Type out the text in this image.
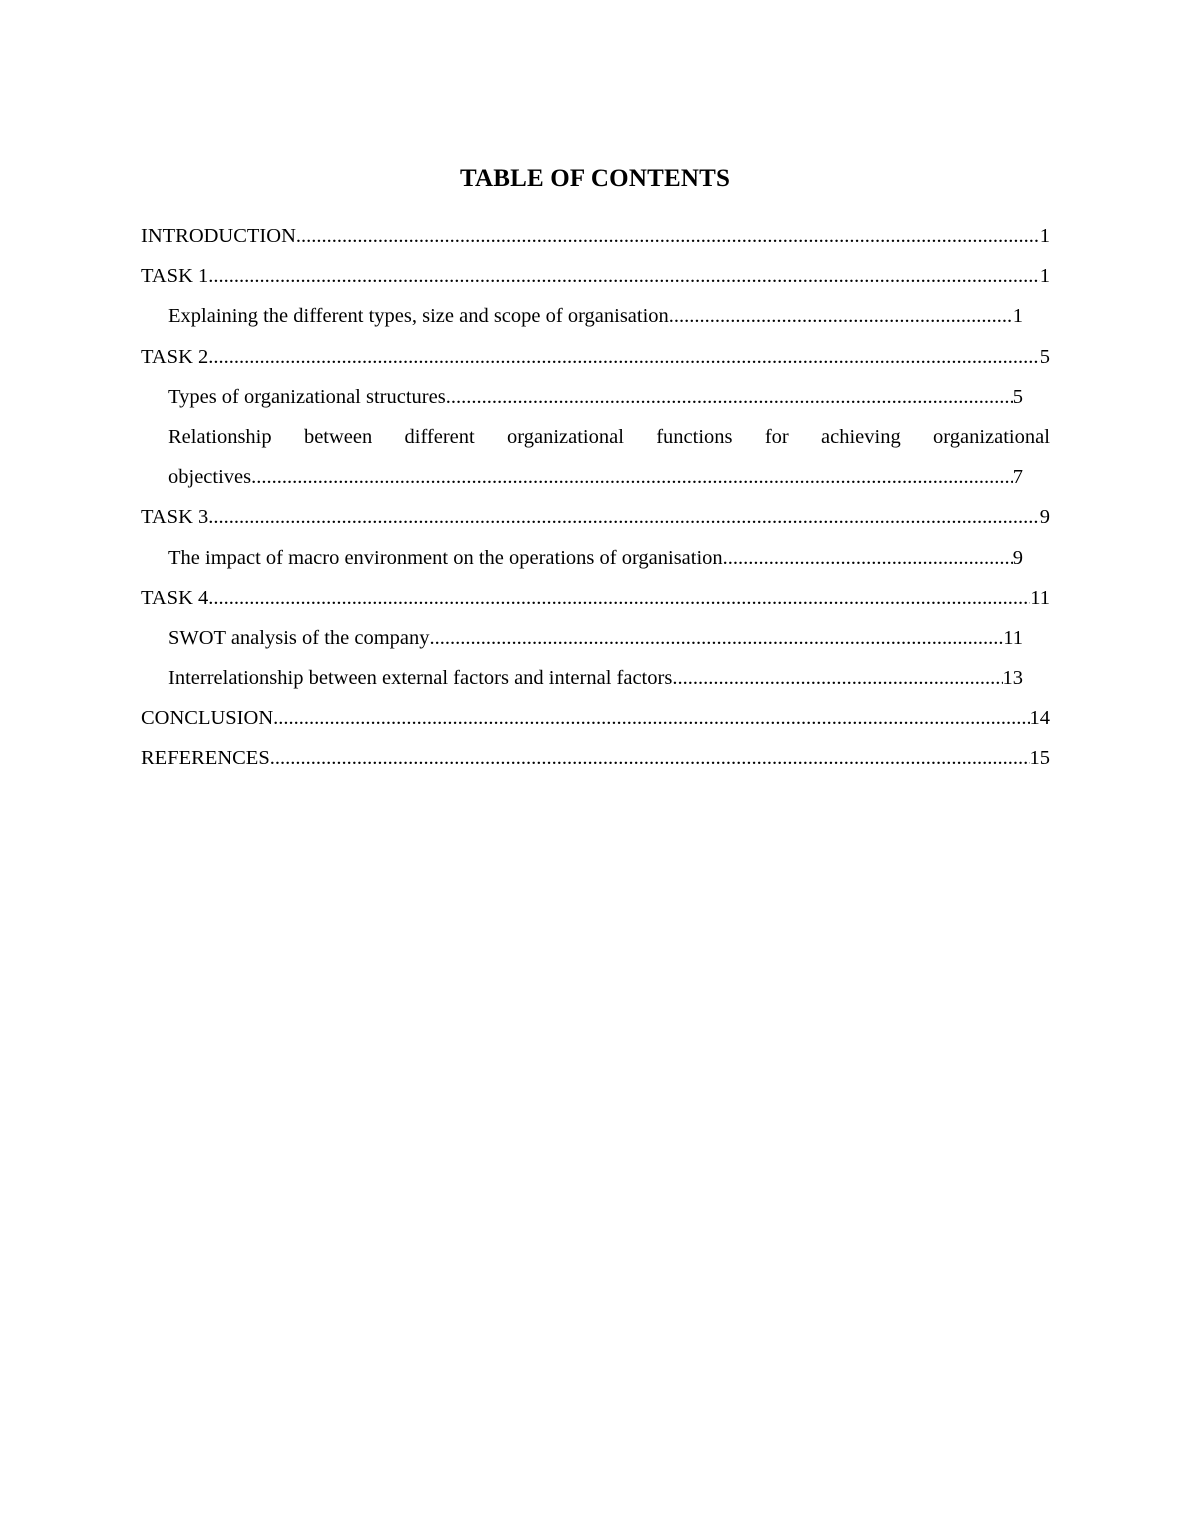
TABLE OF CONTENTS
INTRODUCTION .....	1
TASK 1 .....	1
Explaining the different types, size and scope of organisation .....	1
TASK 2 .....	5
Types of organizational structures .....	5
Relationship between different organizational functions for achieving organizational
objectives .....	7
TASK 3 .....	9
The impact of macro environment on the operations of organisation .....	9
TASK 4 .....	11
SWOT analysis of the company .....	11
Interrelationship between external factors and internal factors .....	13
CONCLUSION .....	14
REFERENCES .....	15
